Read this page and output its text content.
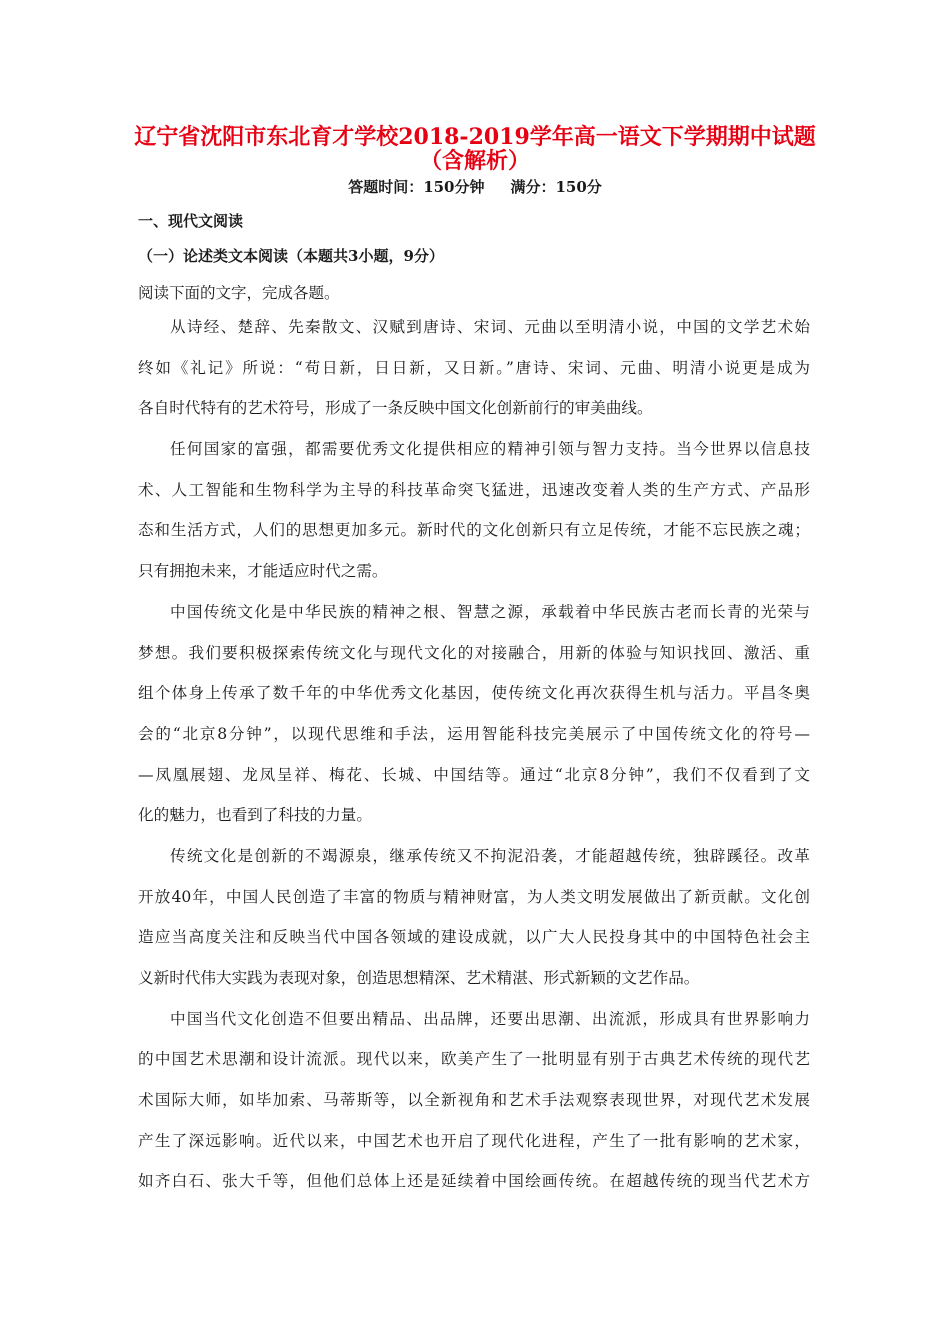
辽宁省沈阳市东北育才学校2018-2019学年高一语文下学期期中试题
（含解析）
答题时间：150分钟 满分：150分
一、现代文阅读
（一）论述类文本阅读（本题共3小题，9分）
阅读下面的文字，完成各题。
从诗经、楚辞、先秦散文、汉赋到唐诗、宋词、元曲以至明清小说，中国的文学艺术始
终如《礼记》所说：“苟日新，日日新，又日新。”唐诗、宋词、元曲、明清小说更是成为
各自时代特有的艺术符号，形成了一条反映中国文化创新前行的审美曲线。
任何国家的富强，都需要优秀文化提供相应的精神引领与智力支持。当今世界以信息技
术、人工智能和生物科学为主导的科技革命突飞猛进，迅速改变着人类的生产方式、产品形
态和生活方式，人们的思想更加多元。新时代的文化创新只有立足传统，才能不忘民族之魂；
只有拥抱未来，才能适应时代之需。
中国传统文化是中华民族的精神之根、智慧之源，承载着中华民族古老而长青的光荣与
梦想。我们要积极探索传统文化与现代文化的对接融合，用新的体验与知识找回、激活、重
组个体身上传承了数千年的中华优秀文化基因，使传统文化再次获得生机与活力。平昌冬奥
会的“北京8分钟”，以现代思维和手法，运用智能科技完美展示了中国传统文化的符号—
—凤凰展翅、龙凤呈祥、梅花、长城、中国结等。通过“北京8分钟”，我们不仅看到了文
化的魅力，也看到了科技的力量。
传统文化是创新的不竭源泉，继承传统又不拘泥沿袭，才能超越传统，独辟蹊径。改革
开放40年，中国人民创造了丰富的物质与精神财富，为人类文明发展做出了新贡献。文化创
造应当高度关注和反映当代中国各领域的建设成就，以广大人民投身其中的中国特色社会主
义新时代伟大实践为表现对象，创造思想精深、艺术精湛、形式新颖的文艺作品。
中国当代文化创造不但要出精品、出品牌，还要出思潮、出流派，形成具有世界影响力
的中国艺术思潮和设计流派。现代以来，欧美产生了一批明显有别于古典艺术传统的现代艺
术国际大师，如毕加索、马蒂斯等，以全新视角和艺术手法观察表现世界，对现代艺术发展
产生了深远影响。近代以来，中国艺术也开启了现代化进程，产生了一批有影响的艺术家，
如齐白石、张大千等，但他们总体上还是延续着中国绘画传统。在超越传统的现当代艺术方
